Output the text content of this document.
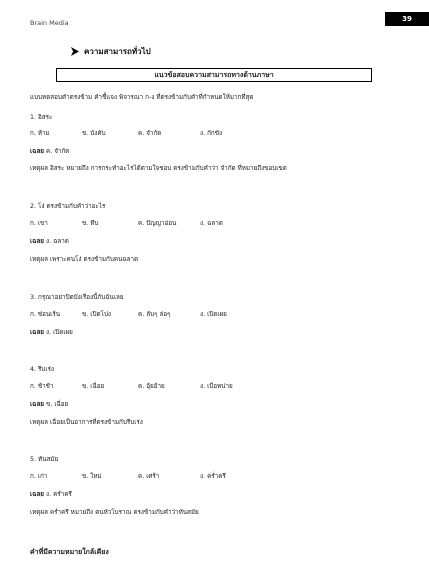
Brain Media	39
ความสามารถทั่วไป
แนวข้อสอบความสามารถทางด้านภาษา
แบบทดสอบคำตรงข้าม คำชี้แจง พิจารณา ก-ง ที่ตรงข้ามกับคำที่กำหนดให้มากที่สุด
1. อิสระ
ก. ห้าม	ข. บังคับ	ค. จำกัด	ง. กักขัง
เฉลย ค. จำกัด
เหตุผล อิสระ หมายถึง การกระทำอะไรได้ตามใจชอบ ตรงข้ามกับคำว่า จำกัด ที่หมายถึงขอบเขต
2. โง่ ตรงข้ามกับคำว่าอะไร
ก. เขา	ข. ทึบ	ค. ปัญญาอ่อน	ง. ฉลาด
เฉลย ง. ฉลาด
เหตุผล เพราะคนโง่ ตรงข้ามกับคนฉลาด
3. กรุณาอย่าปิดบังเรื่องนี้กับฉันเลย
ก. ซ่อนเร้น	ข. เปิดโปง	ค. ลับๆ ล่อๆ	ง. เปิดเผย
เฉลย ง. เปิดเผย
4. รีบเร่ง
ก. ช้าช้า	ข. เฉื่อย	ค. อุ้ยอ้าย	ง. เบื่อหน่าย
เฉลย ข. เฉื่อย
เหตุผล เฉื่อยเป็นอาการที่ตรงข้ามกับรีบเร่ง
5. ทันสมัย
ก. เก่า	ข. ใหม่	ค. เศร้า	ง. คร่ำครึ
เฉลย ง. คร่ำครึ
เหตุผล คร่ำครึ หมายถึง คนหัวโบราณ ตรงข้ามกับคำว่าทันสมัย
คำที่มีความหมายใกล้เคียง
